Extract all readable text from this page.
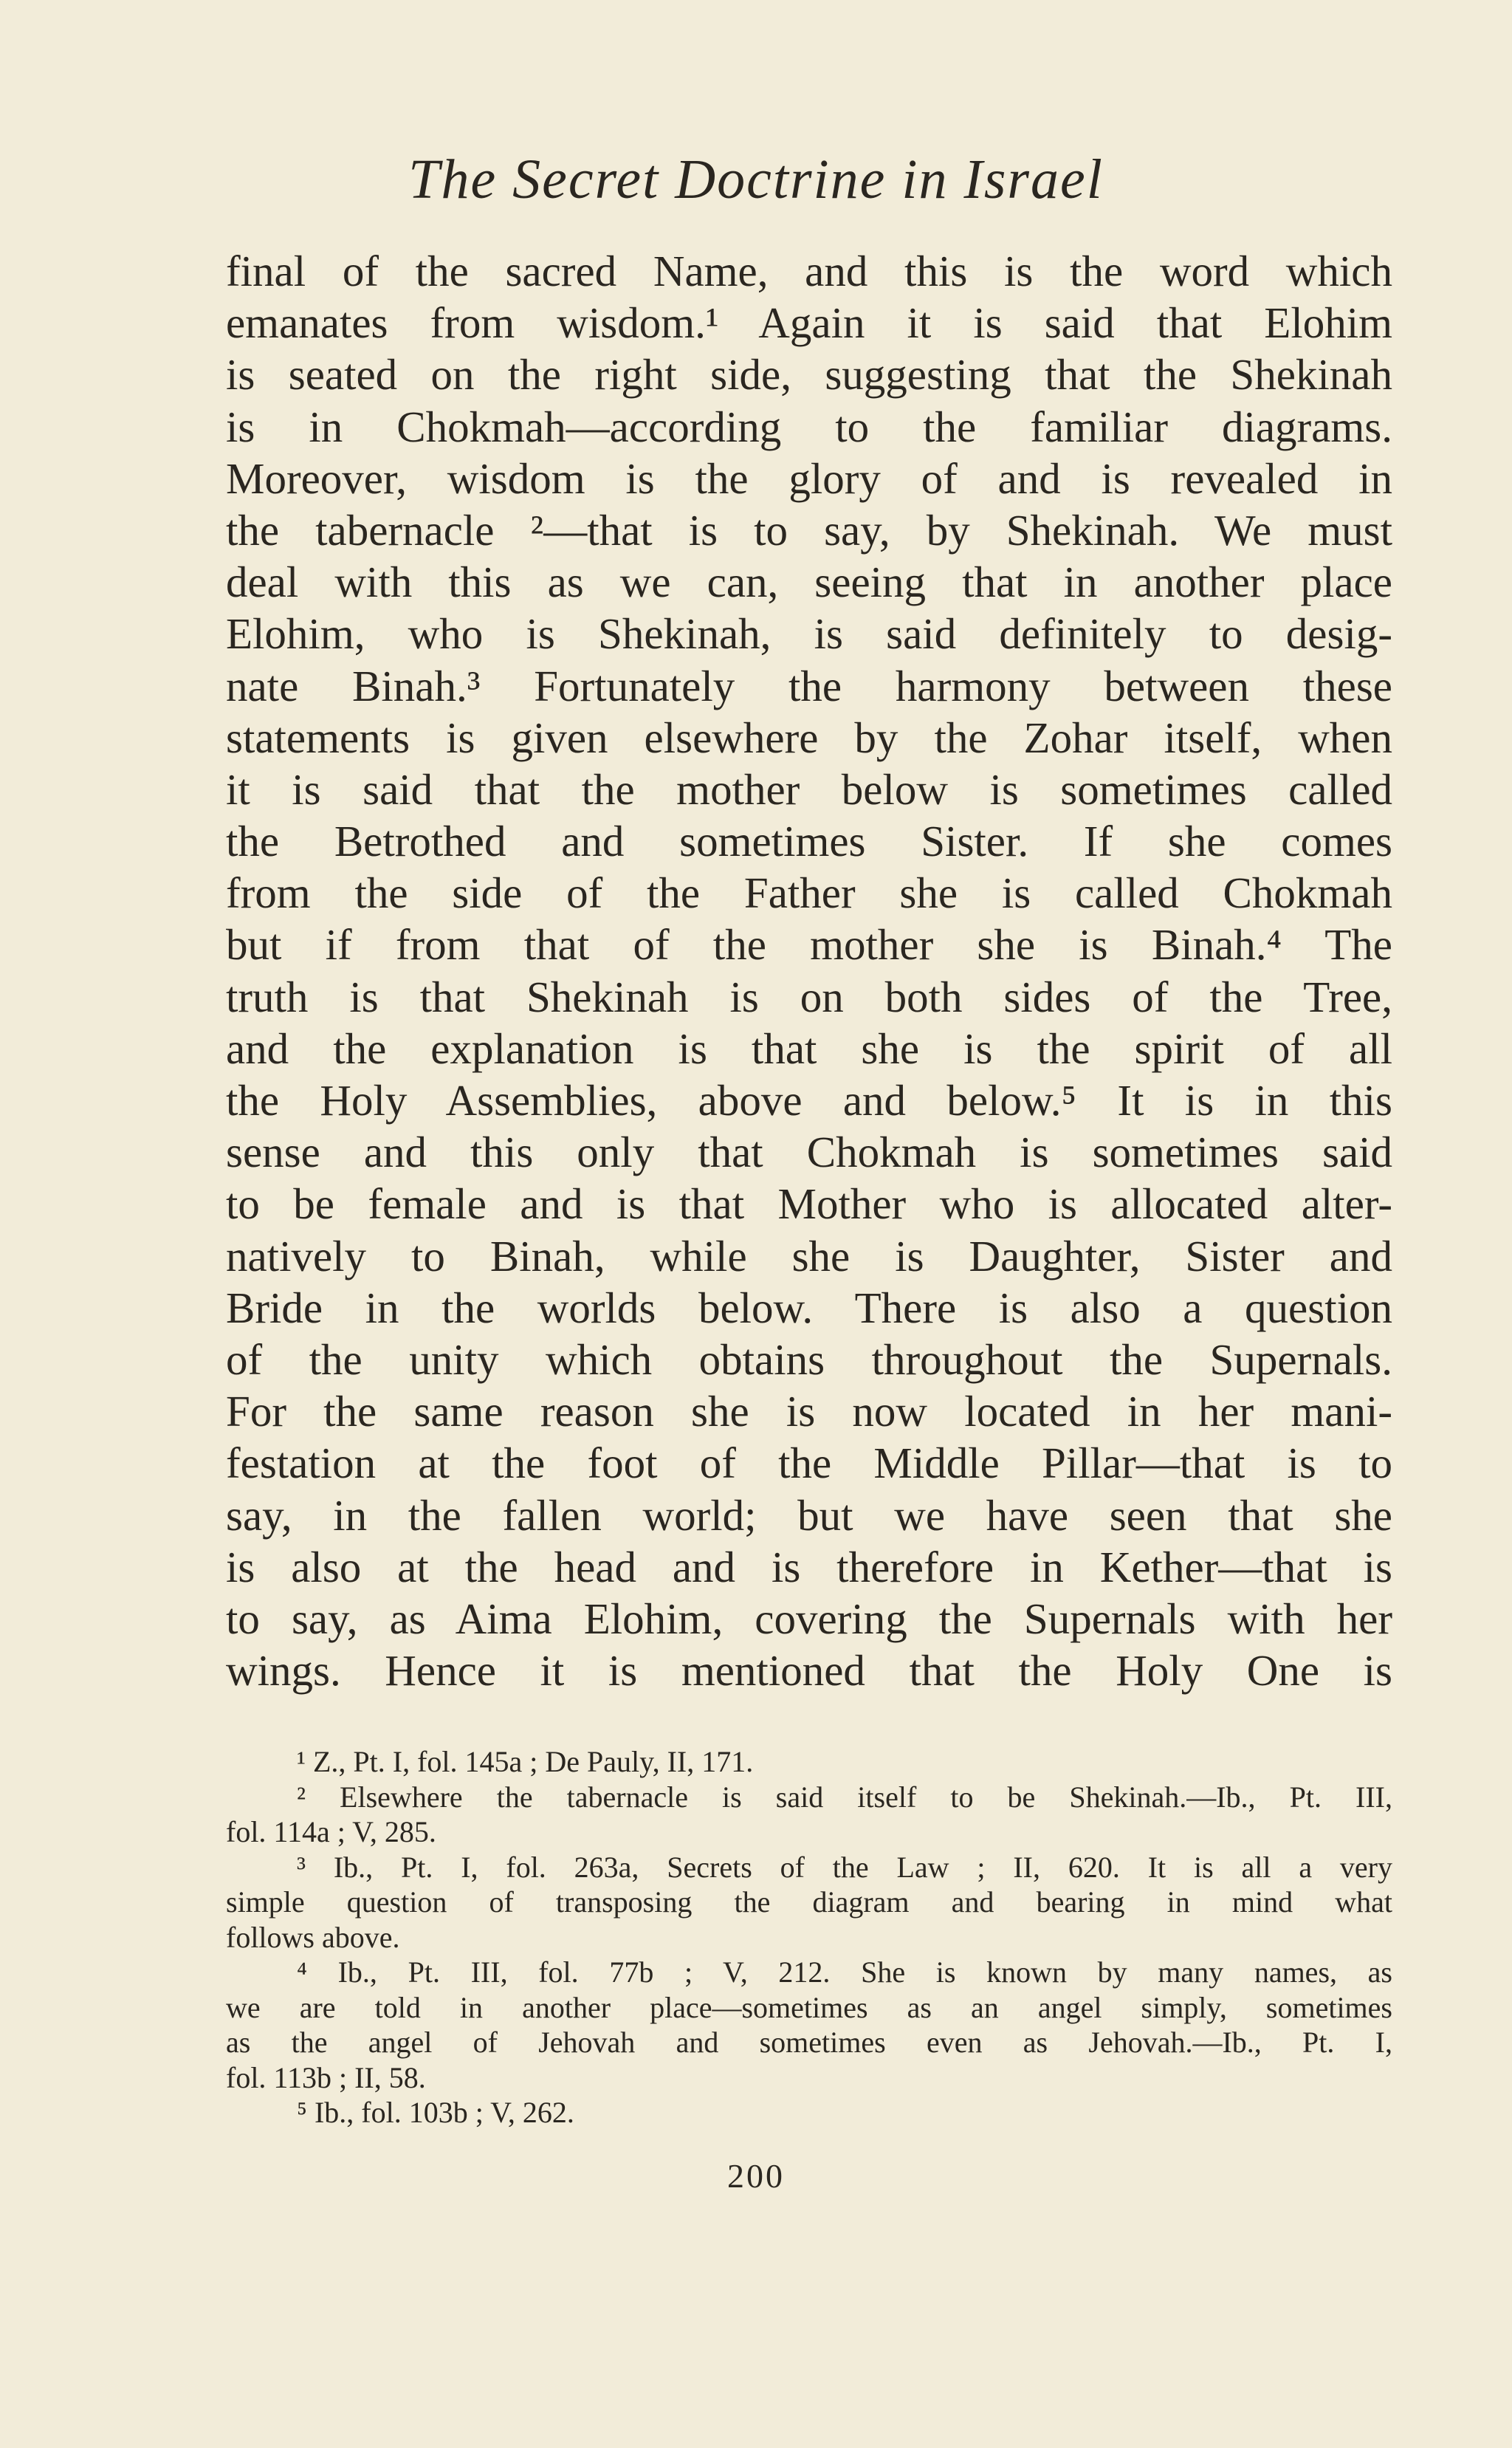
The Secret Doctrine in Israel
final of the sacred Name, and this is the word which
emanates from wisdom.¹ Again it is said that Elohim
is seated on the right side, suggesting that the Shekinah
is in Chokmah—according to the familiar diagrams.
Moreover, wisdom is the glory of and is revealed in
the tabernacle ²—that is to say, by Shekinah. We must
deal with this as we can, seeing that in another place
Elohim, who is Shekinah, is said definitely to desig-
nate Binah.³ Fortunately the harmony between these
statements is given elsewhere by the Zohar itself, when
it is said that the mother below is sometimes called
the Betrothed and sometimes Sister. If she comes
from the side of the Father she is called Chokmah
but if from that of the mother she is Binah.⁴ The
truth is that Shekinah is on both sides of the Tree,
and the explanation is that she is the spirit of all
the Holy Assemblies, above and below.⁵ It is in this
sense and this only that Chokmah is sometimes said
to be female and is that Mother who is allocated alter-
natively to Binah, while she is Daughter, Sister and
Bride in the worlds below. There is also a question
of the unity which obtains throughout the Supernals.
For the same reason she is now located in her mani-
festation at the foot of the Middle Pillar—that is to
say, in the fallen world; but we have seen that she
is also at the head and is therefore in Kether—that is
to say, as Aima Elohim, covering the Supernals with her
wings. Hence it is mentioned that the Holy One is
¹ Z., Pt. I, fol. 145a ; De Pauly, II, 171.
² Elsewhere the tabernacle is said itself to be Shekinah.—Ib., Pt. III,
fol. 114a ; V, 285.
³ Ib., Pt. I, fol. 263a, Secrets of the Law ; II, 620. It is all a very
simple question of transposing the diagram and bearing in mind what
follows above.
⁴ Ib., Pt. III, fol. 77b ; V, 212. She is known by many names, as
we are told in another place—sometimes as an angel simply, sometimes
as the angel of Jehovah and sometimes even as Jehovah.—Ib., Pt. I,
fol. 113b ; II, 58.
⁵ Ib., fol. 103b ; V, 262.
200
